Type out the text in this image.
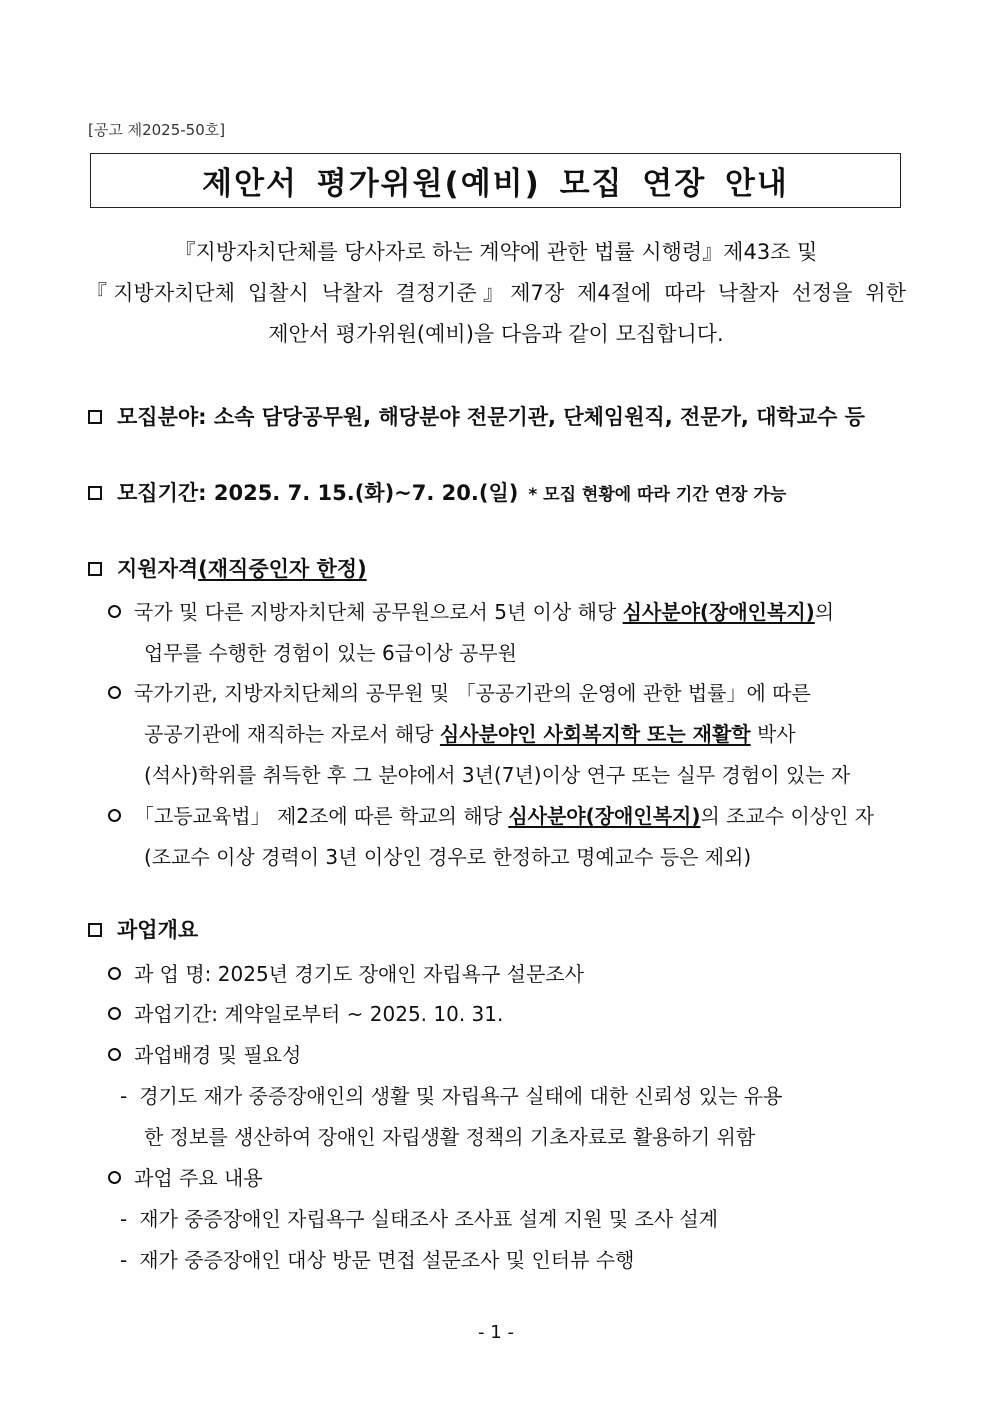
[공고 제2025-50호]
제안서 평가위원(예비) 모집 연장 안내
『지방자치단체를 당사자로 하는 계약에 관한 법률 시행령』제43조 및
『지방자치단체 입찰시 낙찰자 결정기준』제7장 제4절에 따라 낙찰자 선정을 위한
제안서 평가위원(예비)을 다음과 같이 모집합니다.
모집분야: 소속 담당공무원, 해당분야 전문기관, 단체임원직, 전문가, 대학교수 등
모집기간: 2025. 7. 15.(화)~7. 20.(일) * 모집 현황에 따라 기간 연장 가능
지원자격 (재직중인자 한정)
국가 및 다른 지방자치단체 공무원으로서 5년 이상 해당 심사분야(장애인복지)의
업무를 수행한 경험이 있는 6급이상 공무원
국가기관, 지방자치단체의 공무원 및 「공공기관의 운영에 관한 법률」에 따른
공공기관에 재직하는 자로서 해당 심사분야인 사회복지학 또는 재활학 박사
(석사)학위를 취득한 후 그 분야에서 3년(7년)이상 연구 또는 실무 경험이 있는 자
「고등교육법」 제2조에 따른 학교의 해당 심사분야(장애인복지)의 조교수 이상인 자
(조교수 이상 경력이 3년 이상인 경우로 한정하고 명예교수 등은 제외)
과업개요
과 업 명: 2025년 경기도 장애인 자립욕구 설문조사
과업기간: 계약일로부터 ~ 2025. 10. 31.
과업배경 및 필요성
- 경기도 재가 중증장애인의 생활 및 자립욕구 실태에 대한 신뢰성 있는 유용
한 정보를 생산하여 장애인 자립생활 정책의 기초자료로 활용하기 위함
과업 주요 내용
- 재가 중증장애인 자립욕구 실태조사 조사표 설계 지원 및 조사 설계
- 재가 중증장애인 대상 방문 면접 설문조사 및 인터뷰 수행
- 1 -
